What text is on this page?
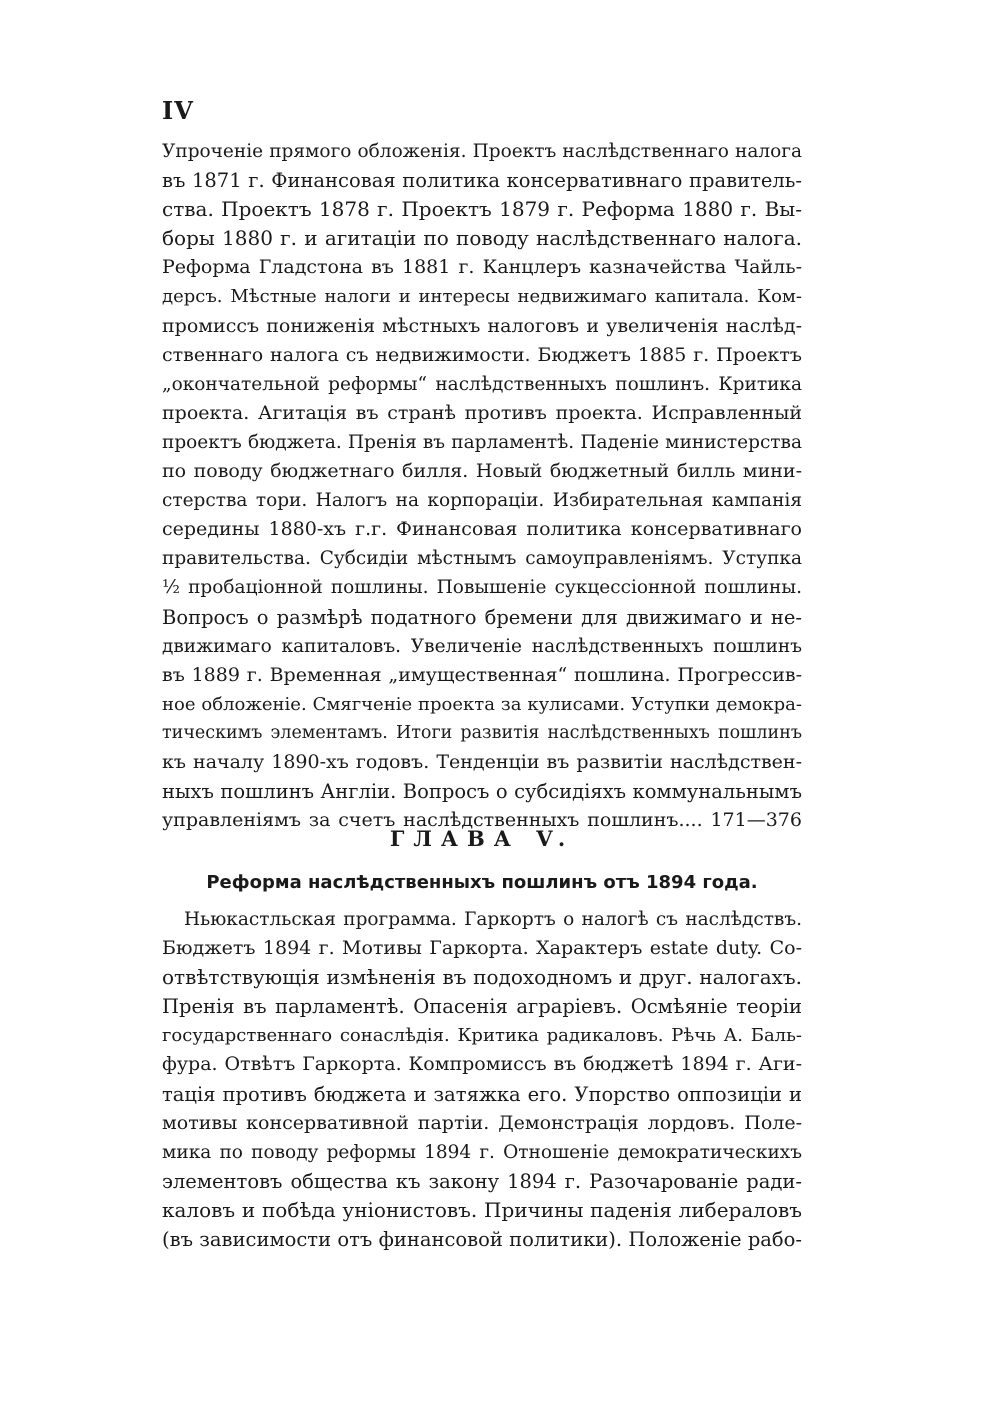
IV
Упроченіе прямого обложенія. Проектъ наслѣдственнаго налога
въ 1871 г. Финансовая политика консервативнаго правитель-
ства. Проектъ 1878 г. Проектъ 1879 г. Реформа 1880 г. Вы-
боры 1880 г. и агитаціи по поводу наслѣдственнаго налога.
Реформа Гладстона въ 1881 г. Канцлеръ казначейства Чайль-
дерсъ. Мѣстные налоги и интересы недвижимаго капитала. Ком-
промиссъ пониженія мѣстныхъ налоговъ и увеличенія наслѣд-
ственнаго налога съ недвижимости. Бюджетъ 1885 г. Проектъ
„окончательной реформы“ наслѣдственныхъ пошлинъ. Критика
проекта. Агитація въ странѣ противъ проекта. Исправленный
проектъ бюджета. Пренія въ парламентѣ. Паденіе министерства
по поводу бюджетнаго билля. Новый бюджетный билль мини-
стерства тори. Налогъ на корпораціи. Избирательная кампанія
середины 1880-хъ г.г. Финансовая политика консервативнаго
правительства. Субсидіи мѣстнымъ самоуправленіямъ. Уступка
½ пробаціонной пошлины. Повышеніе сукцессіонной пошлины.
Вопросъ о размѣрѣ податного бремени для движимаго и не-
движимаго капиталовъ. Увеличеніе наслѣдственныхъ пошлинъ
въ 1889 г. Временная „имущественная“ пошлина. Прогрессив-
ное обложеніе. Смягченіе проекта за кулисами. Уступки демокра-
тическимъ элементамъ. Итоги развитія наслѣдственныхъ пошлинъ
къ началу 1890-хъ годовъ. Тенденціи въ развитіи наслѣдствен-
ныхъ пошлинъ Англіи. Вопросъ о субсидіяхъ коммунальнымъ
управленіямъ за счетъ наслѣдственныхъ пошлинъ.... 171—376
ГЛАВА V.
Реформа наслѣдственныхъ пошлинъ отъ 1894 года.
Ньюкастльская программа. Гаркортъ о налогѣ съ наслѣдствъ.
Бюджетъ 1894 г. Мотивы Гаркорта. Характеръ estate duty. Со-
отвѣтствующія измѣненія въ подоходномъ и друг. налогахъ.
Пренія въ парламентѣ. Опасенія аграріевъ. Осмѣяніе теоріи
государственнаго сонаслѣдія. Критика радикаловъ. Рѣчь А. Баль-
фура. Отвѣтъ Гаркорта. Компромиссъ въ бюджетѣ 1894 г. Аги-
тація противъ бюджета и затяжка его. Упорство оппозиціи и
мотивы консервативной партіи. Демонстрація лордовъ. Поле-
мика по поводу реформы 1894 г. Отношеніе демократическихъ
элементовъ общества къ закону 1894 г. Разочарованіе ради-
каловъ и побѣда уніонистовъ. Причины паденія либераловъ
(въ зависимости отъ финансовой политики). Положеніе рабо-
